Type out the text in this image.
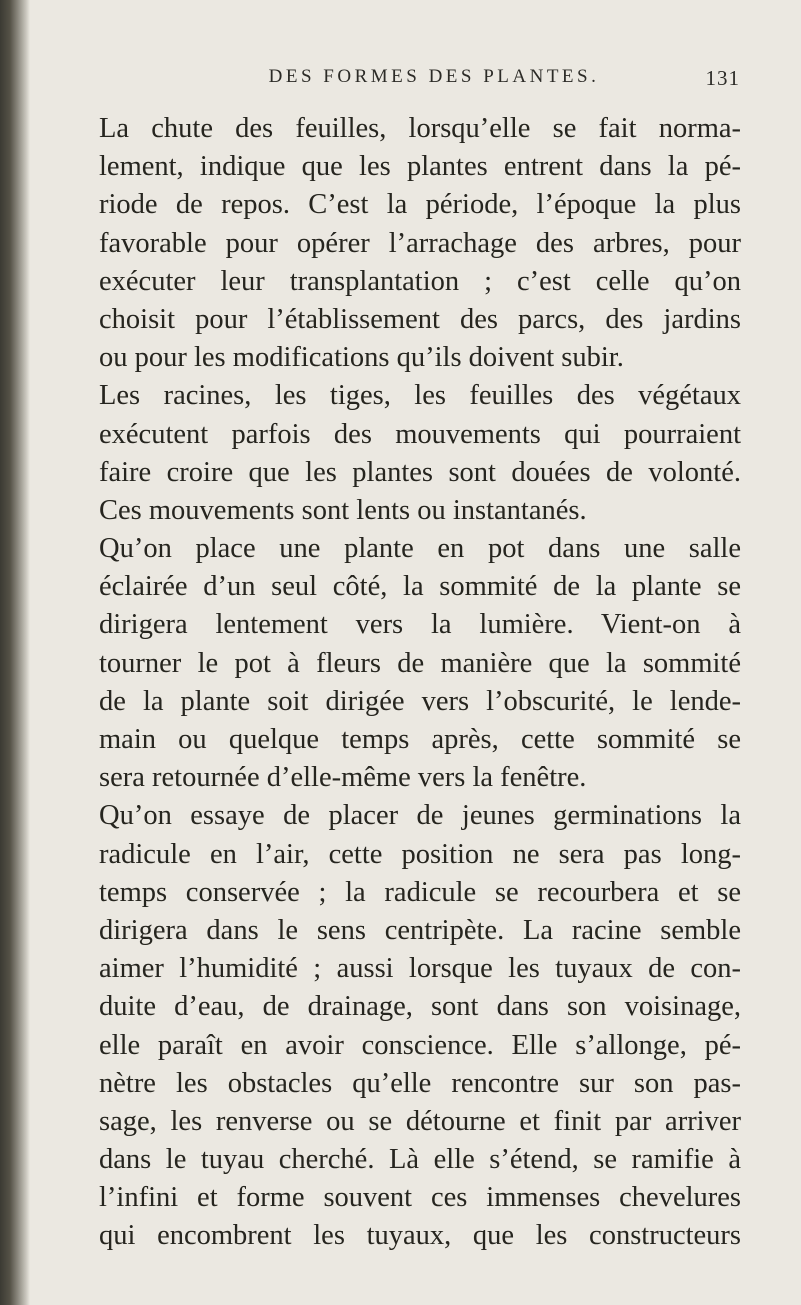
DES FORMES DES PLANTES.	131
La chute des feuilles, lorsqu’elle se fait norma-
lement, indique que les plantes entrent dans la pé-
riode de repos. C’est la période, l’époque la plus
favorable pour opérer l’arrachage des arbres, pour
exécuter leur transplantation ; c’est celle qu’on
choisit pour l’établissement des parcs, des jardins
ou pour les modifications qu’ils doivent subir.
Les racines, les tiges, les feuilles des végétaux
exécutent parfois des mouvements qui pourraient
faire croire que les plantes sont douées de volonté.
Ces mouvements sont lents ou instantanés.
Qu’on place une plante en pot dans une salle
éclairée d’un seul côté, la sommité de la plante se
dirigera lentement vers la lumière. Vient-on à
tourner le pot à fleurs de manière que la sommité
de la plante soit dirigée vers l’obscurité, le lende-
main ou quelque temps après, cette sommité se
sera retournée d’elle-même vers la fenêtre.
Qu’on essaye de placer de jeunes germinations la
radicule en l’air, cette position ne sera pas long-
temps conservée ; la radicule se recourbera et se
dirigera dans le sens centripète. La racine semble
aimer l’humidité ; aussi lorsque les tuyaux de con-
duite d’eau, de drainage, sont dans son voisinage,
elle paraît en avoir conscience. Elle s’allonge, pé-
nètre les obstacles qu’elle rencontre sur son pas-
sage, les renverse ou se détourne et finit par arriver
dans le tuyau cherché. Là elle s’étend, se ramifie à
l’infini et forme souvent ces immenses chevelures
qui encombrent les tuyaux, que les constructeurs
